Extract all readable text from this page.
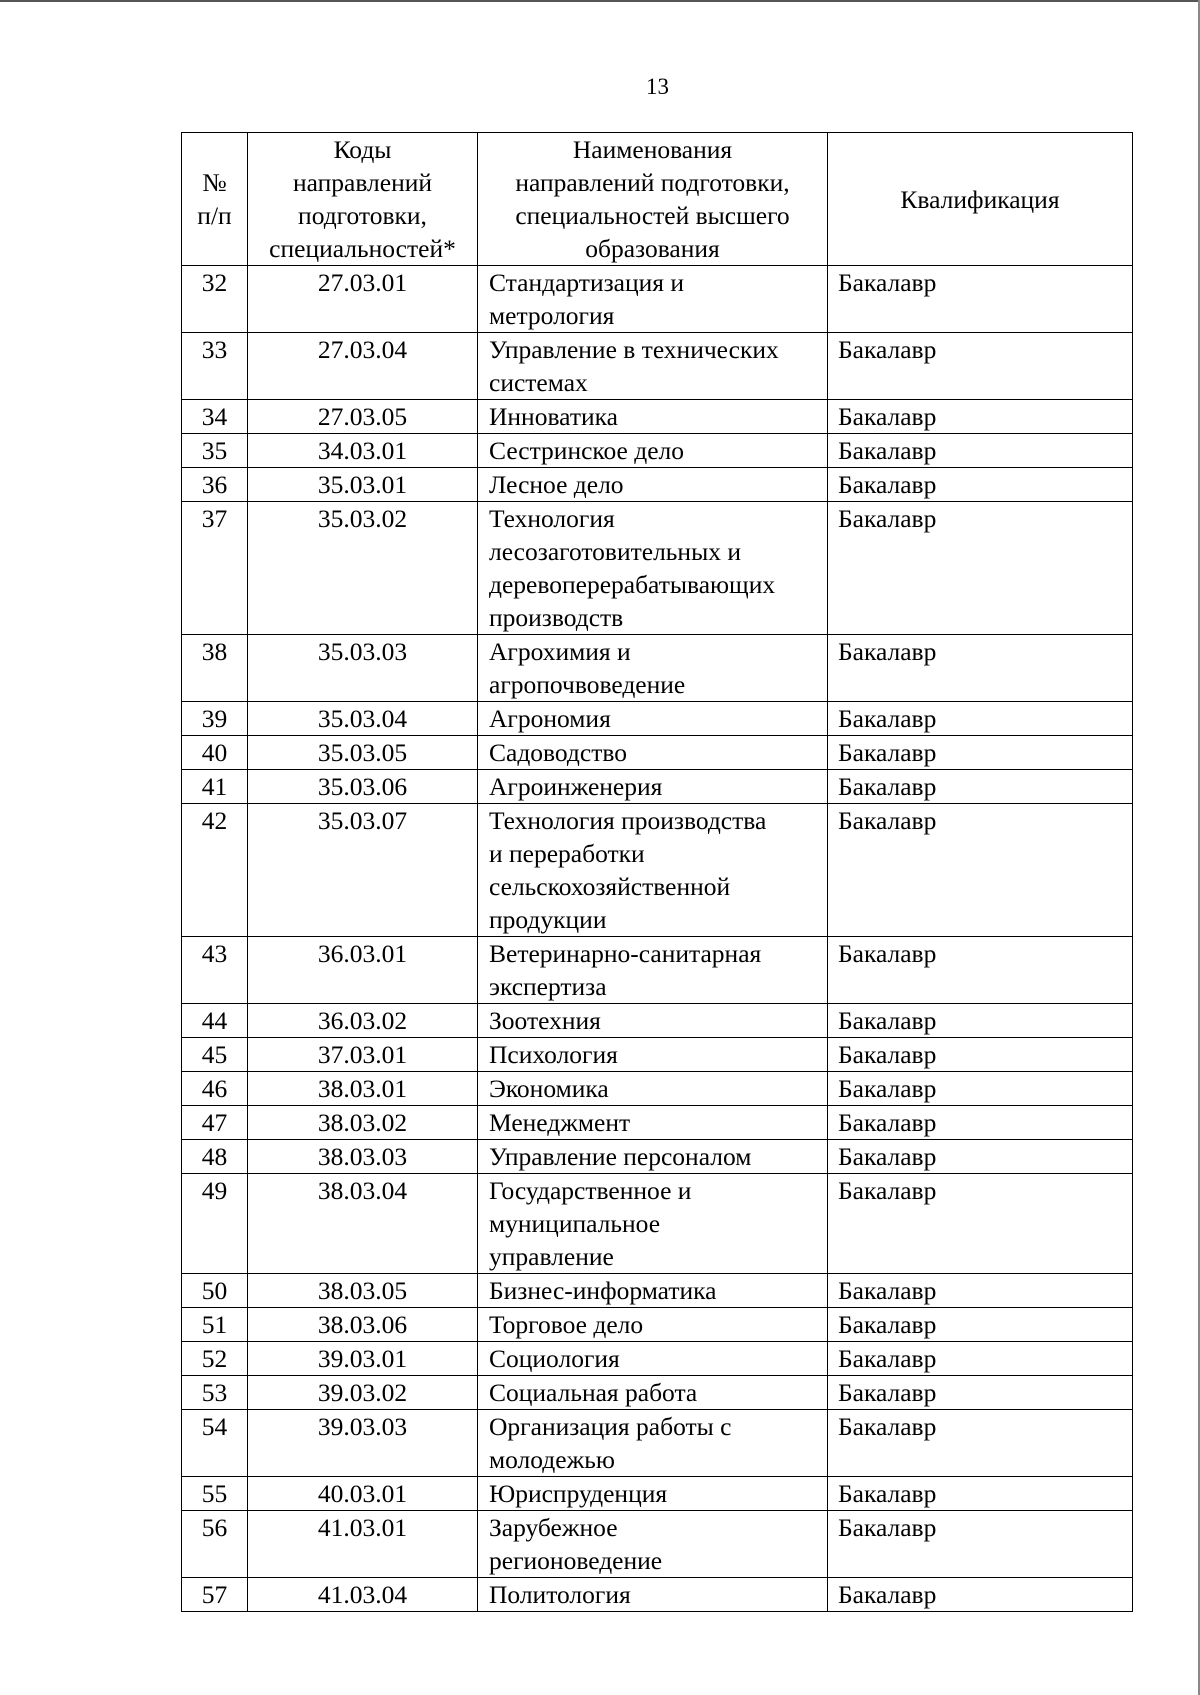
13
№
п/п	Коды
направлений
подготовки,
специальностей*	Наименования
направлений подготовки,
специальностей высшего
образования	Квалификация
32	27.03.01	Стандартизация и
метрология	Бакалавр
33	27.03.04	Управление в технических
системах	Бакалавр
34	27.03.05	Инноватика	Бакалавр
35	34.03.01	Сестринское дело	Бакалавр
36	35.03.01	Лесное дело	Бакалавр
37	35.03.02	Технология
лесозаготовительных и
деревоперерабатывающих
производств	Бакалавр
38	35.03.03	Агрохимия и
агропочвоведение	Бакалавр
39	35.03.04	Агрономия	Бакалавр
40	35.03.05	Садоводство	Бакалавр
41	35.03.06	Агроинженерия	Бакалавр
42	35.03.07	Технология производства
и переработки
сельскохозяйственной
продукции	Бакалавр
43	36.03.01	Ветеринарно-санитарная
экспертиза	Бакалавр
44	36.03.02	Зоотехния	Бакалавр
45	37.03.01	Психология	Бакалавр
46	38.03.01	Экономика	Бакалавр
47	38.03.02	Менеджмент	Бакалавр
48	38.03.03	Управление персоналом	Бакалавр
49	38.03.04	Государственное и
муниципальное
управление	Бакалавр
50	38.03.05	Бизнес-информатика	Бакалавр
51	38.03.06	Торговое дело	Бакалавр
52	39.03.01	Социология	Бакалавр
53	39.03.02	Социальная работа	Бакалавр
54	39.03.03	Организация работы с
молодежью	Бакалавр
55	40.03.01	Юриспруденция	Бакалавр
56	41.03.01	Зарубежное
регионоведение	Бакалавр
57	41.03.04	Политология	Бакалавр
